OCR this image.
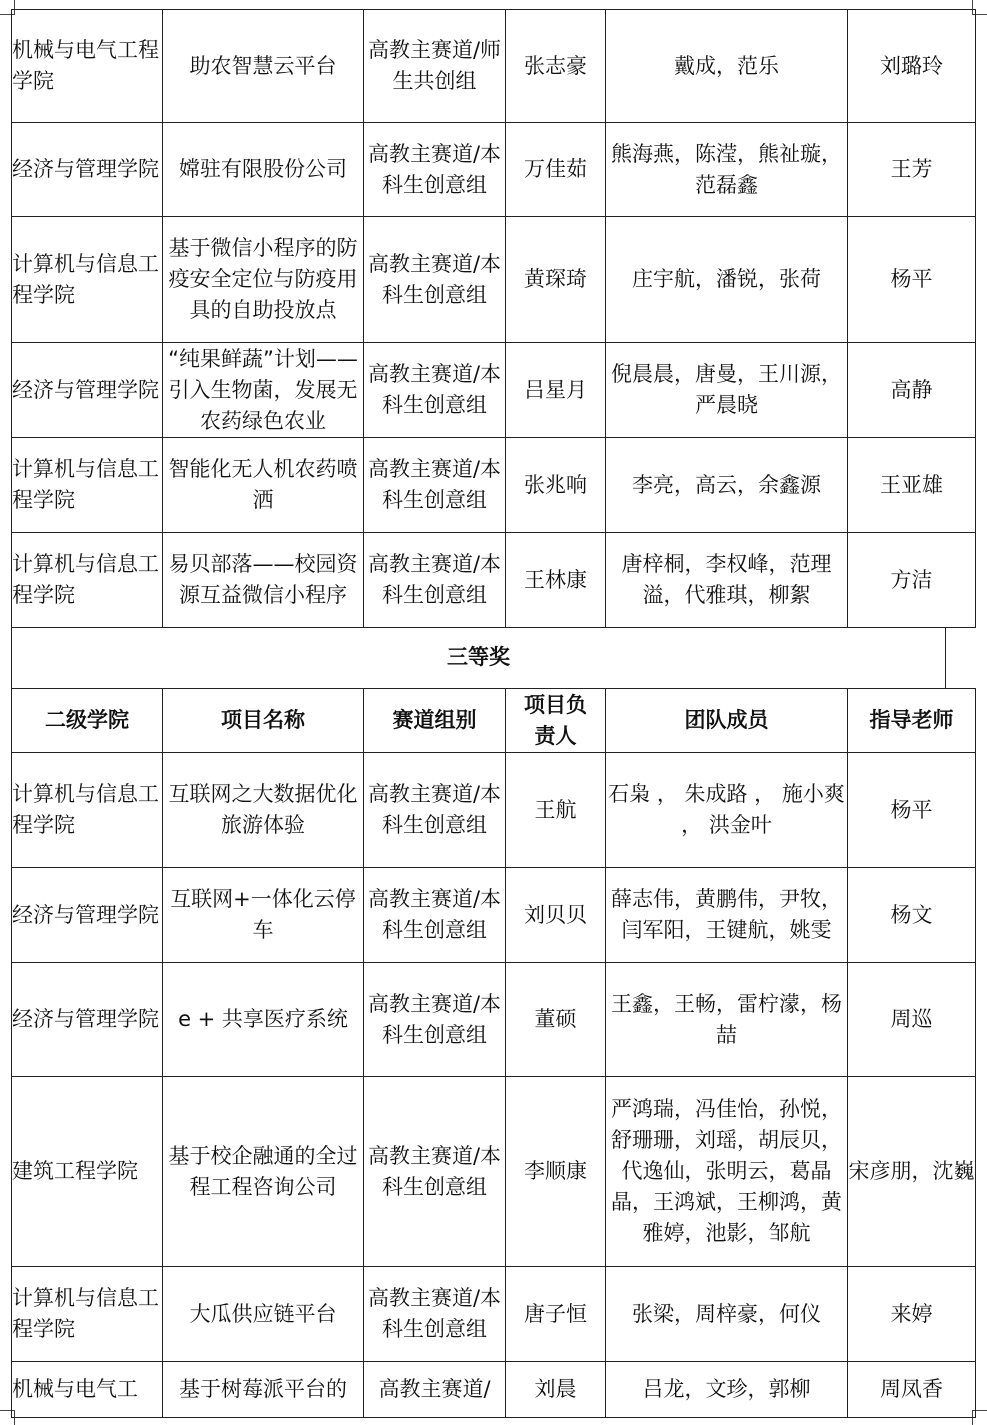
机械与电气工程学院	助农智慧云平台	高教主赛道/师生共创组	张志豪	戴成，范乐	刘璐玲
经济与管理学院	嫦驻有限股份公司	高教主赛道/本科生创意组	万佳茹	熊海燕，陈滢，熊祉璇，范磊鑫	王芳
计算机与信息工程学院	基于微信小程序的防疫安全定位与防疫用具的自助投放点	高教主赛道/本科生创意组	黄琛琦	庄宇航，潘锐，张荷	杨平
经济与管理学院	“纯果鲜蔬”计划——引入生物菌，发展无农药绿色农业	高教主赛道/本科生创意组	吕星月	倪晨晨，唐曼，王川源，严晨晓	高静
计算机与信息工程学院	智能化无人机农药喷洒	高教主赛道/本科生创意组	张兆响	李亮，高云，余鑫源	王亚雄
计算机与信息工程学院	易贝部落——校园资源互益微信小程序	高教主赛道/本科生创意组	王林康	唐梓桐，李权峰，范理溢，代雅琪，柳絮	方洁
三等奖
二级学院	项目名称	赛道组别	项目负责人	团队成员	指导老师
计算机与信息工程学院	互联网之大数据优化旅游体验	高教主赛道/本科生创意组	王航	石枭 ， 朱成路 ， 施小爽 ， 洪金叶	杨平
经济与管理学院	互联网+一体化云停车	高教主赛道/本科生创意组	刘贝贝	薛志伟，黄鹏伟，尹牧，闫军阳，王键航，姚雯	杨文
经济与管理学院	e + 共享医疗系统	高教主赛道/本科生创意组	董硕	王鑫，王畅，雷柠濛，杨喆	周巡
建筑工程学院	基于校企融通的全过程工程咨询公司	高教主赛道/本科生创意组	李顺康	严鸿瑞，冯佳怡，孙悦，舒珊珊，刘瑶，胡辰贝，代逸仙，张明云，葛晶晶，王鸿斌，王柳鸿，黄雅婷，池影，邹航	宋彦朋，沈巍
计算机与信息工程学院	大瓜供应链平台	高教主赛道/本科生创意组	唐子恒	张梁，周梓豪，何仪	来婷
机械与电气工	基于树莓派平台的	高教主赛道/	刘晨	吕龙，文珍，郭柳	周凤香
